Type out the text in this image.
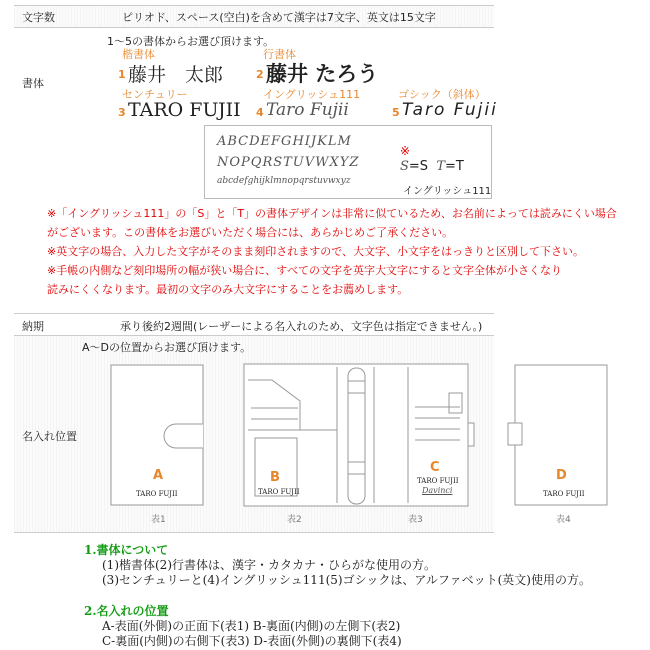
文字数	ピリオド、スペース(空白)を含めて漢字は7文字、英文は15文字
書体
1～5の書体からお選び頂けます。
楷書体
1 藤井　太郎
行書体
2 藤井 たろう
センチュリー
3 TARO FUJII
イングリッシュ111
4 Taro Fujii
ゴシック（斜体）
5 Taro Fujii
ABCDEFGHIJKLM
NOPQRSTUVWXYZ
abcdefghijklmnopqrstuvwxyz
※
S=S T=T
イングリッシュ111
※「イングリッシュ111」の「S」と「T」の書体デザインは非常に似ているため、お名前によっては読みにくい場合
がございます。この書体をお選びいただく場合には、あらかじめご了承ください。
※英文字の場合、入力した文字がそのまま刻印されますので、大文字、小文字をはっきりと区別して下さい。
※手帳の内側など刻印場所の幅が狭い場合に、すべての文字を英字大文字にすると文字全体が小さくなり
読みにくくなります。最初の文字のみ大文字にすることをお薦めします。
納期	承り後約2週間(レーザーによる名入れのため、文字色は指定できません。)
名入れ位置
A～Dの位置からお選び頂けます。
A
TARO FUJII
表1
B
TARO FUJII
表2
C
TARO FUJII
Davinci
表3
D
TARO FUJII
表4
1.書体について
(1)楷書体(2)行書体は、漢字・カタカナ・ひらがな使用の方。
(3)センチュリーと(4)イングリッシュ111(5)ゴシックは、アルファベット(英文)使用の方。
2.名入れの位置
A-表面(外側)の正面下(表1) B-裏面(内側)の左側下(表2)
C-裏面(内側)の右側下(表3) D-表面(外側)の裏側下(表4)
